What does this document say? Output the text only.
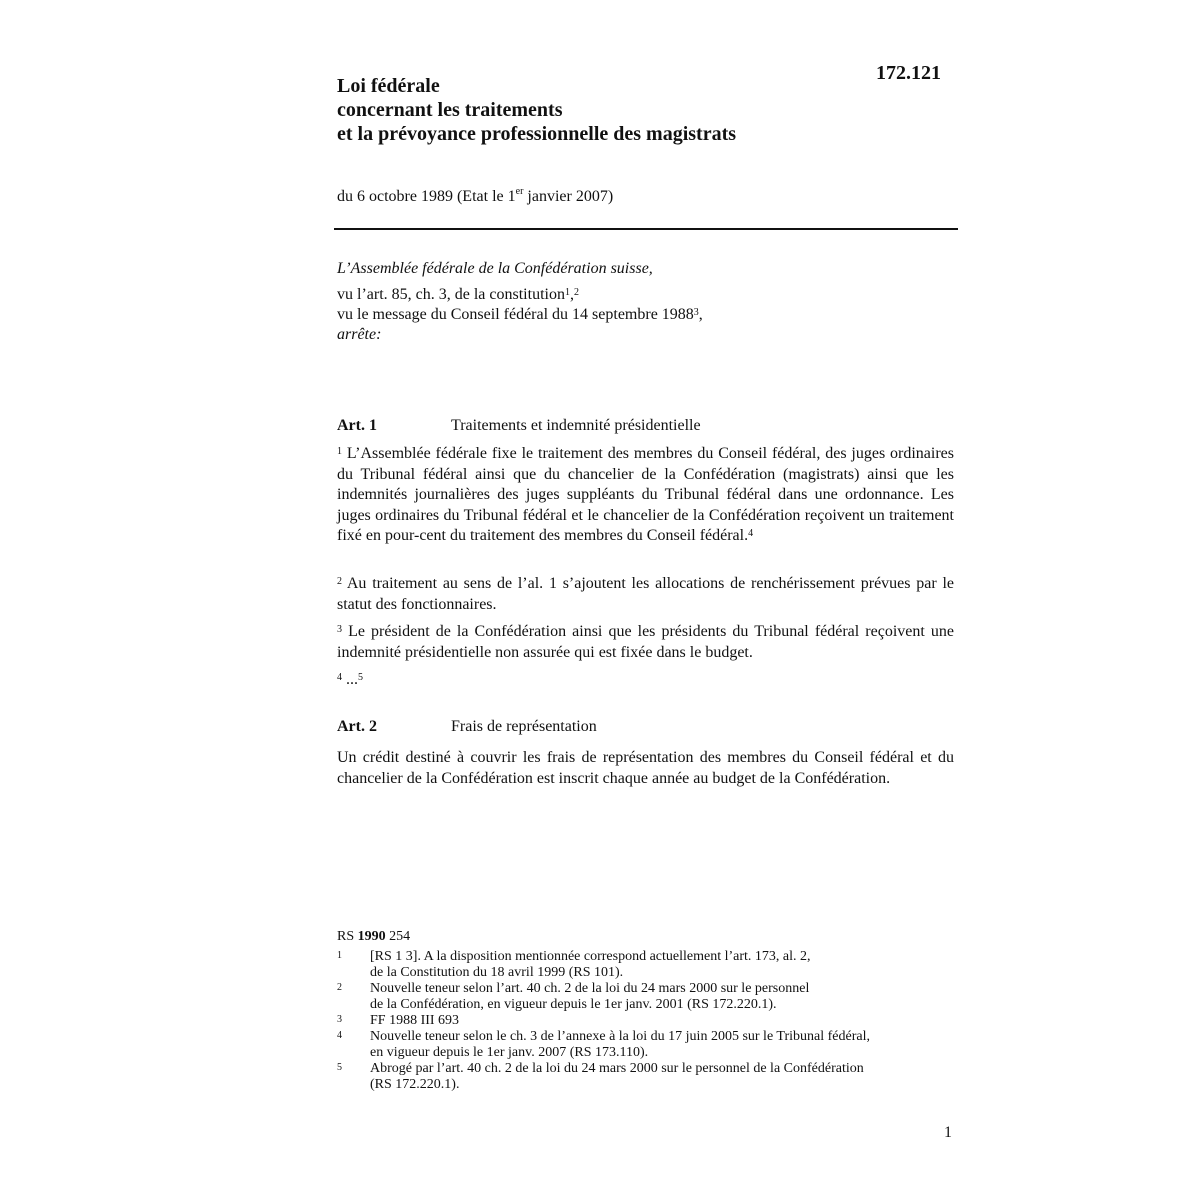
172.121
Loi fédérale
concernant les traitements
et la prévoyance professionnelle des magistrats
du 6 octobre 1989 (Etat le 1er janvier 2007)
L’Assemblée fédérale de la Confédération suisse,
vu l’art. 85, ch. 3, de la constitution$^1$,$^2$
vu le message du Conseil fédéral du 14 septembre 1988$^3$,
arrête:
Art. 1	Traitements et indemnité présidentielle
$^1$ L’Assemblée fédérale fixe le traitement des membres du Conseil fédéral, des juges ordinaires du Tribunal fédéral ainsi que du chancelier de la Confédération (magistrats) ainsi que les indemnités journalières des juges suppléants du Tribunal fédéral dans une ordonnance. Les juges ordinaires du Tribunal fédéral et le chancelier de la Confédération reçoivent un traitement fixé en pour-cent du traitement des membres du Conseil fédéral.$^4$
$^2$ Au traitement au sens de l’al. 1 s’ajoutent les allocations de renchérissement prévues par le statut des fonctionnaires.
$^3$ Le président de la Confédération ainsi que les présidents du Tribunal fédéral reçoivent une indemnité présidentielle non assurée qui est fixée dans le budget.
$^4$ ...$^5$
Art. 2	Frais de représentation
Un crédit destiné à couvrir les frais de représentation des membres du Conseil fédéral et du chancelier de la Confédération est inscrit chaque année au budget de la Confédération.
RS 1990 254
1 [RS 1 3]. A la disposition mentionnée correspond actuellement l’art. 173, al. 2,
de la Constitution du 18 avril 1999 (RS 101).
2 Nouvelle teneur selon l’art. 40 ch. 2 de la loi du 24 mars 2000 sur le personnel
de la Confédération, en vigueur depuis le 1er janv. 2001 (RS 172.220.1).
3 FF 1988 III 693
4 Nouvelle teneur selon le ch. 3 de l’annexe à la loi du 17 juin 2005 sur le Tribunal fédéral,
en vigueur depuis le 1er janv. 2007 (RS 173.110).
5 Abrogé par l’art. 40 ch. 2 de la loi du 24 mars 2000 sur le personnel de la Confédération
(RS 172.220.1).
1
